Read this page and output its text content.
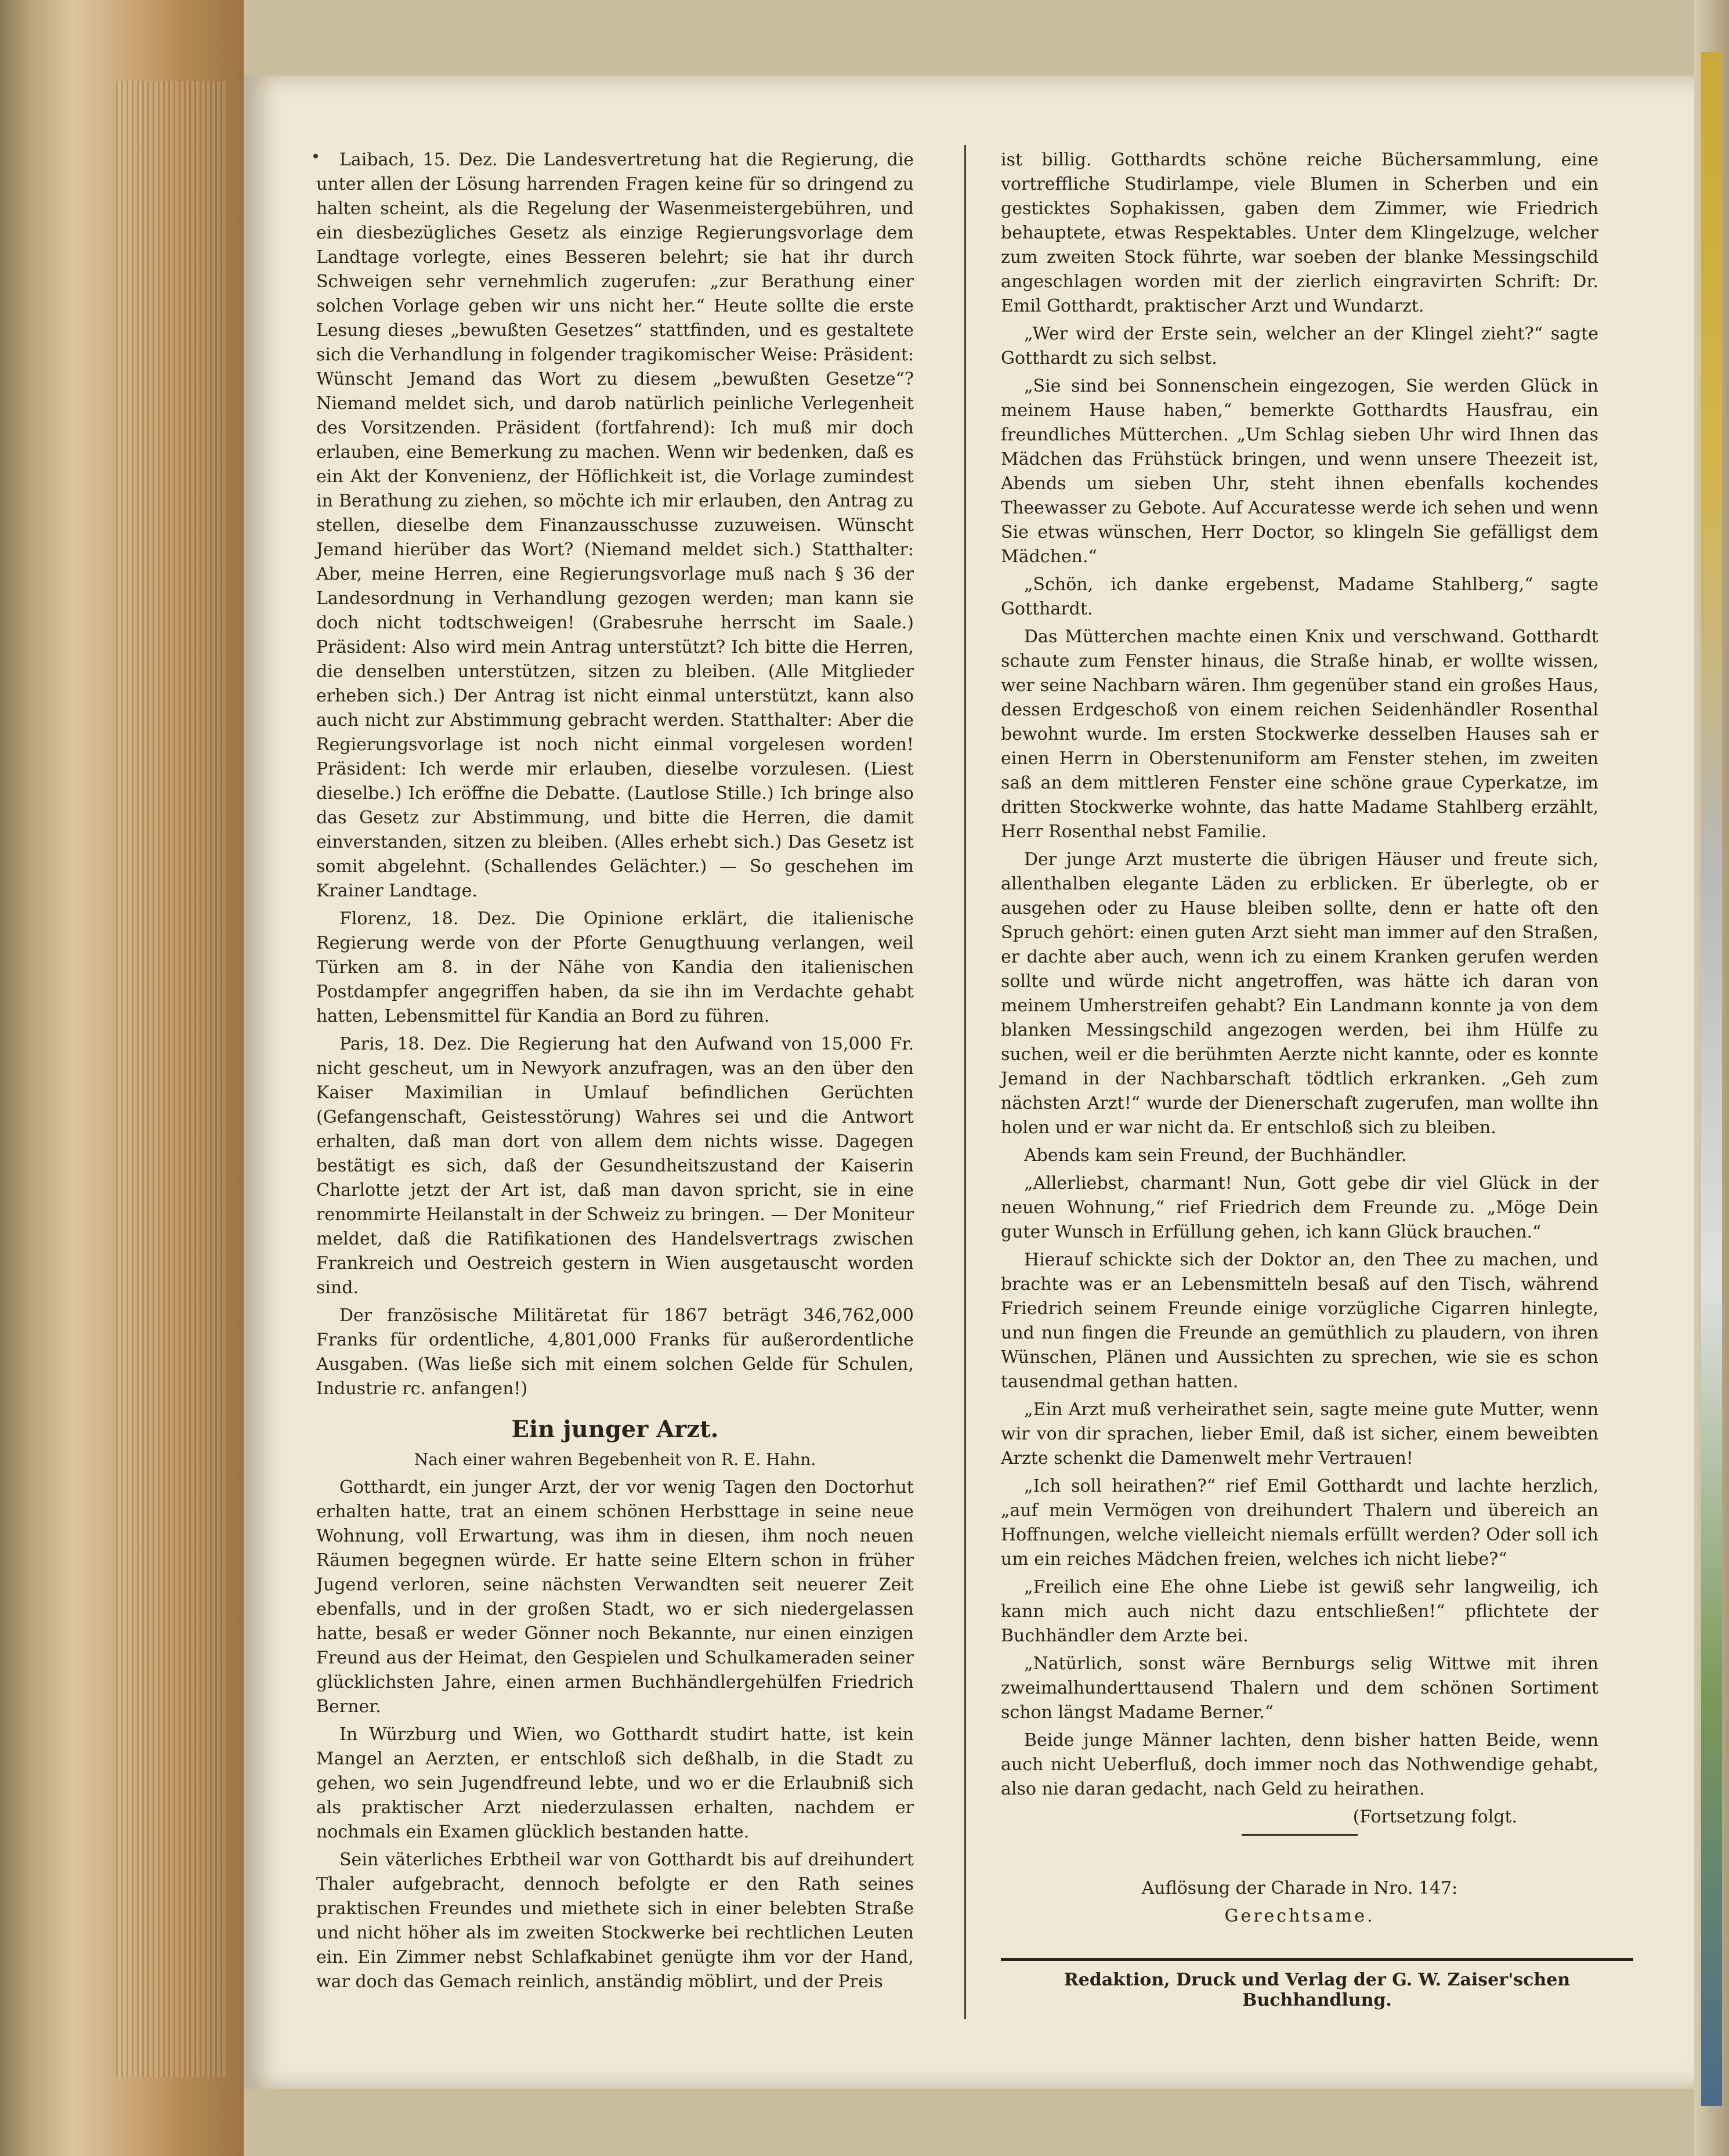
Laibach, 15. Dez. Die Landesvertretung hat die Regierung, die unter allen der Lösung harrenden Fragen keine für so dringend zu halten scheint, als die Regelung der Wasenmeistergebühren, und ein diesbezügliches Gesetz als einzige Regierungsvorlage dem Landtage vorlegte, eines Besseren belehrt; sie hat ihr durch Schweigen sehr vernehmlich zugerufen: „zur Berathung einer solchen Vorlage geben wir uns nicht her.“ Heute sollte die erste Lesung dieses „bewußten Gesetzes“ stattfinden, und es gestaltete sich die Verhandlung in folgender tragikomischer Weise: Präsident: Wünscht Jemand das Wort zu diesem „bewußten Gesetze“? Niemand meldet sich, und darob natürlich peinliche Verlegenheit des Vorsitzenden. Präsident (fortfahrend): Ich muß mir doch erlauben, eine Bemerkung zu machen. Wenn wir bedenken, daß es ein Akt der Konvenienz, der Höflichkeit ist, die Vorlage zumindest in Berathung zu ziehen, so möchte ich mir erlauben, den Antrag zu stellen, dieselbe dem Finanzausschusse zuzuweisen. Wünscht Jemand hierüber das Wort? (Niemand meldet sich.) Statthalter: Aber, meine Herren, eine Regierungsvorlage muß nach § 36 der Landesordnung in Verhandlung gezogen werden; man kann sie doch nicht todtschweigen! (Grabesruhe herrscht im Saale.) Präsident: Also wird mein Antrag unterstützt? Ich bitte die Herren, die denselben unterstützen, sitzen zu bleiben. (Alle Mitglieder erheben sich.) Der Antrag ist nicht einmal unterstützt, kann also auch nicht zur Abstimmung gebracht werden. Statthalter: Aber die Regierungsvorlage ist noch nicht einmal vorgelesen worden! Präsident: Ich werde mir erlauben, dieselbe vorzulesen. (Liest dieselbe.) Ich eröffne die Debatte. (Lautlose Stille.) Ich bringe also das Gesetz zur Abstimmung, und bitte die Herren, die damit einverstanden, sitzen zu bleiben. (Alles erhebt sich.) Das Gesetz ist somit abgelehnt. (Schallendes Gelächter.) — So geschehen im Krainer Landtage.

Florenz, 18. Dez. Die Opinione erklärt, die italienische Regierung werde von der Pforte Genugthuung verlangen, weil Türken am 8. in der Nähe von Kandia den italienischen Postdampfer angegriffen haben, da sie ihn im Verdachte gehabt hatten, Lebensmittel für Kandia an Bord zu führen.

Paris, 18. Dez. Die Regierung hat den Aufwand von 15,000 Fr. nicht gescheut, um in Newyork anzufragen, was an den über den Kaiser Maximilian in Umlauf befindlichen Gerüchten (Gefangenschaft, Geistesstörung) Wahres sei und die Antwort erhalten, daß man dort von allem dem nichts wisse. Dagegen bestätigt es sich, daß der Gesundheitszustand der Kaiserin Charlotte jetzt der Art ist, daß man davon spricht, sie in eine renommirte Heilanstalt in der Schweiz zu bringen. — Der Moniteur meldet, daß die Ratifikationen des Handelsvertrags zwischen Frankreich und Oestreich gestern in Wien ausgetauscht worden sind.

Der französische Militäretat für 1867 beträgt 346,762,000 Franks für ordentliche, 4,801,000 Franks für außerordentliche Ausgaben. (Was ließe sich mit einem solchen Gelde für Schulen, Industrie rc. anfangen!)

Ein junger Arzt.

Nach einer wahren Begebenheit von R. E. Hahn.

Gotthardt, ein junger Arzt, der vor wenig Tagen den Doctorhut erhalten hatte, trat an einem schönen Herbsttage in seine neue Wohnung, voll Erwartung, was ihm in diesen, ihm noch neuen Räumen begegnen würde. Er hatte seine Eltern schon in früher Jugend verloren, seine nächsten Verwandten seit neuerer Zeit ebenfalls, und in der großen Stadt, wo er sich niedergelassen hatte, besaß er weder Gönner noch Bekannte, nur einen einzigen Freund aus der Heimat, den Gespielen und Schulkameraden seiner glücklichsten Jahre, einen armen Buchhändlergehülfen Friedrich Berner.

In Würzburg und Wien, wo Gotthardt studirt hatte, ist kein Mangel an Aerzten, er entschloß sich deßhalb, in die Stadt zu gehen, wo sein Jugendfreund lebte, und wo er die Erlaubniß sich als praktischer Arzt niederzulassen erhalten, nachdem er nochmals ein Examen glücklich bestanden hatte.

Sein väterliches Erbtheil war von Gotthardt bis auf dreihundert Thaler aufgebracht, dennoch befolgte er den Rath seines praktischen Freundes und miethete sich in einer belebten Straße und nicht höher als im zweiten Stockwerke bei rechtlichen Leuten ein. Ein Zimmer nebst Schlafkabinet genügte ihm vor der Hand, war doch das Gemach reinlich, anständig möblirt, und der Preis

ist billig. Gotthardts schöne reiche Büchersammlung, eine vortreffliche Studirlampe, viele Blumen in Scherben und ein gesticktes Sophakissen, gaben dem Zimmer, wie Friedrich behauptete, etwas Respektables. Unter dem Klingelzuge, welcher zum zweiten Stock führte, war soeben der blanke Messingschild angeschlagen worden mit der zierlich eingravirten Schrift: Dr. Emil Gotthardt, praktischer Arzt und Wundarzt.

„Wer wird der Erste sein, welcher an der Klingel zieht?“ sagte Gotthardt zu sich selbst.

„Sie sind bei Sonnenschein eingezogen, Sie werden Glück in meinem Hause haben,“ bemerkte Gotthardts Hausfrau, ein freundliches Mütterchen. „Um Schlag sieben Uhr wird Ihnen das Mädchen das Frühstück bringen, und wenn unsere Theezeit ist, Abends um sieben Uhr, steht ihnen ebenfalls kochendes Theewasser zu Gebote. Auf Accuratesse werde ich sehen und wenn Sie etwas wünschen, Herr Doctor, so klingeln Sie gefälligst dem Mädchen.“

„Schön, ich danke ergebenst, Madame Stahlberg,“ sagte Gotthardt.

Das Mütterchen machte einen Knix und verschwand. Gotthardt schaute zum Fenster hinaus, die Straße hinab, er wollte wissen, wer seine Nachbarn wären. Ihm gegenüber stand ein großes Haus, dessen Erdgeschoß von einem reichen Seidenhändler Rosenthal bewohnt wurde. Im ersten Stockwerke desselben Hauses sah er einen Herrn in Oberstenuniform am Fenster stehen, im zweiten saß an dem mittleren Fenster eine schöne graue Cyperkatze, im dritten Stockwerke wohnte, das hatte Madame Stahlberg erzählt, Herr Rosenthal nebst Familie.

Der junge Arzt musterte die übrigen Häuser und freute sich, allenthalben elegante Läden zu erblicken. Er überlegte, ob er ausgehen oder zu Hause bleiben sollte, denn er hatte oft den Spruch gehört: einen guten Arzt sieht man immer auf den Straßen, er dachte aber auch, wenn ich zu einem Kranken gerufen werden sollte und würde nicht angetroffen, was hätte ich daran von meinem Umherstreifen gehabt? Ein Landmann konnte ja von dem blanken Messingschild angezogen werden, bei ihm Hülfe zu suchen, weil er die berühmten Aerzte nicht kannte, oder es konnte Jemand in der Nachbarschaft tödtlich erkranken. „Geh zum nächsten Arzt!“ wurde der Dienerschaft zugerufen, man wollte ihn holen und er war nicht da. Er entschloß sich zu bleiben.

Abends kam sein Freund, der Buchhändler.

„Allerliebst, charmant! Nun, Gott gebe dir viel Glück in der neuen Wohnung,“ rief Friedrich dem Freunde zu. „Möge Dein guter Wunsch in Erfüllung gehen, ich kann Glück brauchen.“

Hierauf schickte sich der Doktor an, den Thee zu machen, und brachte was er an Lebensmitteln besaß auf den Tisch, während Friedrich seinem Freunde einige vorzügliche Cigarren hinlegte, und nun fingen die Freunde an gemüthlich zu plaudern, von ihren Wünschen, Plänen und Aussichten zu sprechen, wie sie es schon tausendmal gethan hatten.

„Ein Arzt muß verheirathet sein, sagte meine gute Mutter, wenn wir von dir sprachen, lieber Emil, daß ist sicher, einem beweibten Arzte schenkt die Damenwelt mehr Vertrauen!

„Ich soll heirathen?“ rief Emil Gotthardt und lachte herzlich, „auf mein Vermögen von dreihundert Thalern und übereich an Hoffnungen, welche vielleicht niemals erfüllt werden? Oder soll ich um ein reiches Mädchen freien, welches ich nicht liebe?“

„Freilich eine Ehe ohne Liebe ist gewiß sehr langweilig, ich kann mich auch nicht dazu entschließen!“ pflichtete der Buchhändler dem Arzte bei.

„Natürlich, sonst wäre Bernburgs selig Wittwe mit ihren zweimalhunderttausend Thalern und dem schönen Sortiment schon längst Madame Berner.“

Beide junge Männer lachten, denn bisher hatten Beide, wenn auch nicht Ueberfluß, doch immer noch das Nothwendige gehabt, also nie daran gedacht, nach Geld zu heirathen.

(Fortsetzung folgt.

Auflösung der Charade in Nro. 147:

Gerechtsame.

Redaktion, Druck und Verlag der G. W. Zaiser'schen Buchhandlung.
